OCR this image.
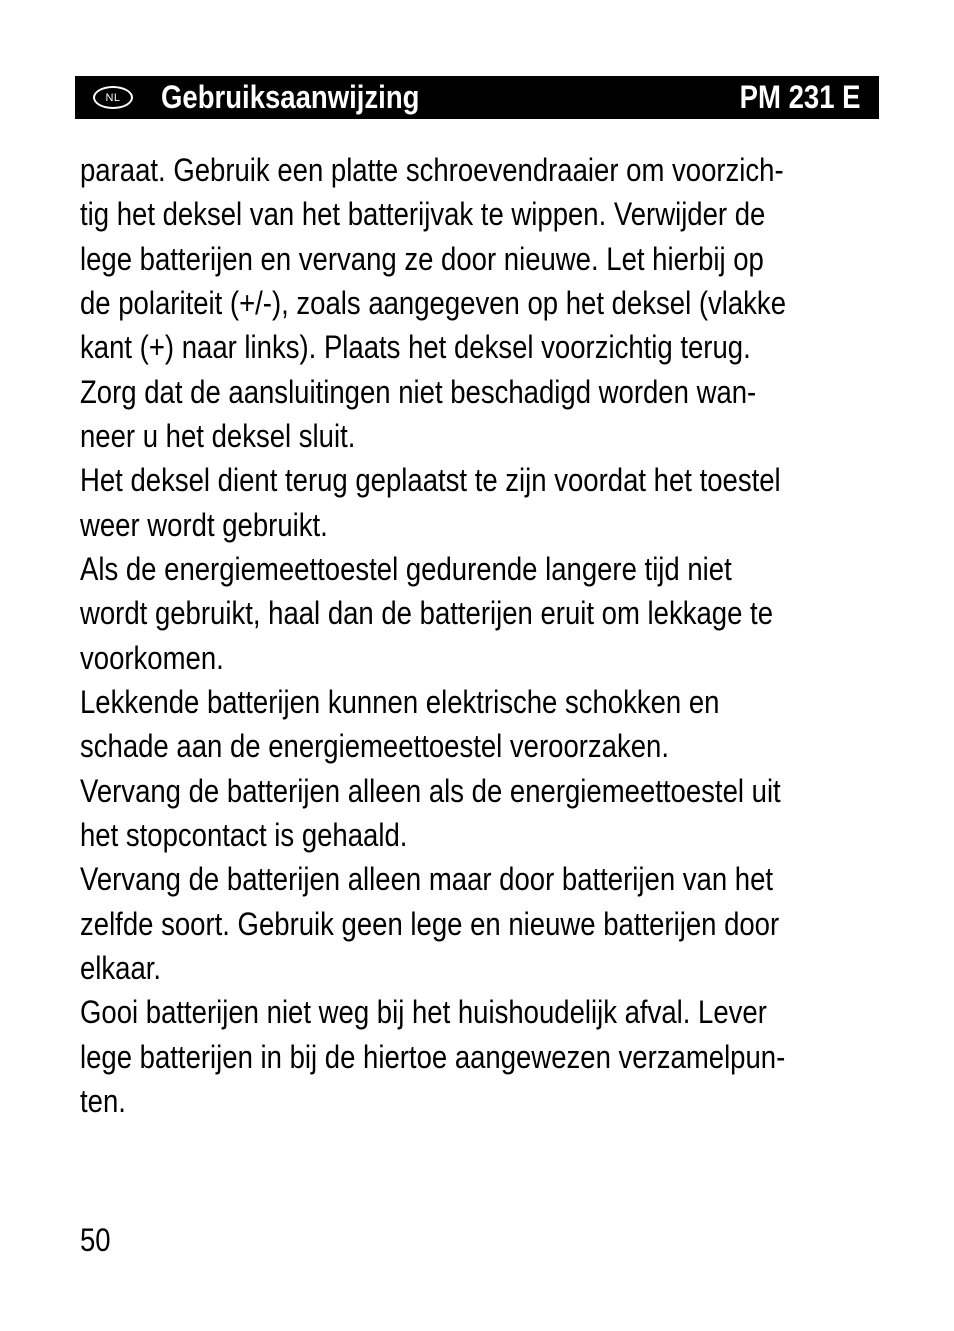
NL	Gebruiksaanwijzing	PM 231 E
paraat. Gebruik een platte schroevendraaier om voorzich-
tig het deksel van het batterijvak te wippen. Verwijder de
lege batterijen en vervang ze door nieuwe. Let hierbij op
de polariteit (+/-), zoals aangegeven op het deksel (vlakke
kant (+) naar links). Plaats het deksel voorzichtig terug.
Zorg dat de aansluitingen niet beschadigd worden wan-
neer u het deksel sluit.
Het deksel dient terug geplaatst te zijn voordat het toestel
weer wordt gebruikt.
Als de energiemeettoestel gedurende langere tijd niet
wordt gebruikt, haal dan de batterijen eruit om lekkage te
voorkomen.
Lekkende batterijen kunnen elektrische schokken en
schade aan de energiemeettoestel veroorzaken.
Vervang de batterijen alleen als de energiemeettoestel uit
het stopcontact is gehaald.
Vervang de batterijen alleen maar door batterijen van het
zelfde soort. Gebruik geen lege en nieuwe batterijen door
elkaar.
Gooi batterijen niet weg bij het huishoudelijk afval. Lever
lege batterijen in bij de hiertoe aangewezen verzamelpun-
ten.
50
